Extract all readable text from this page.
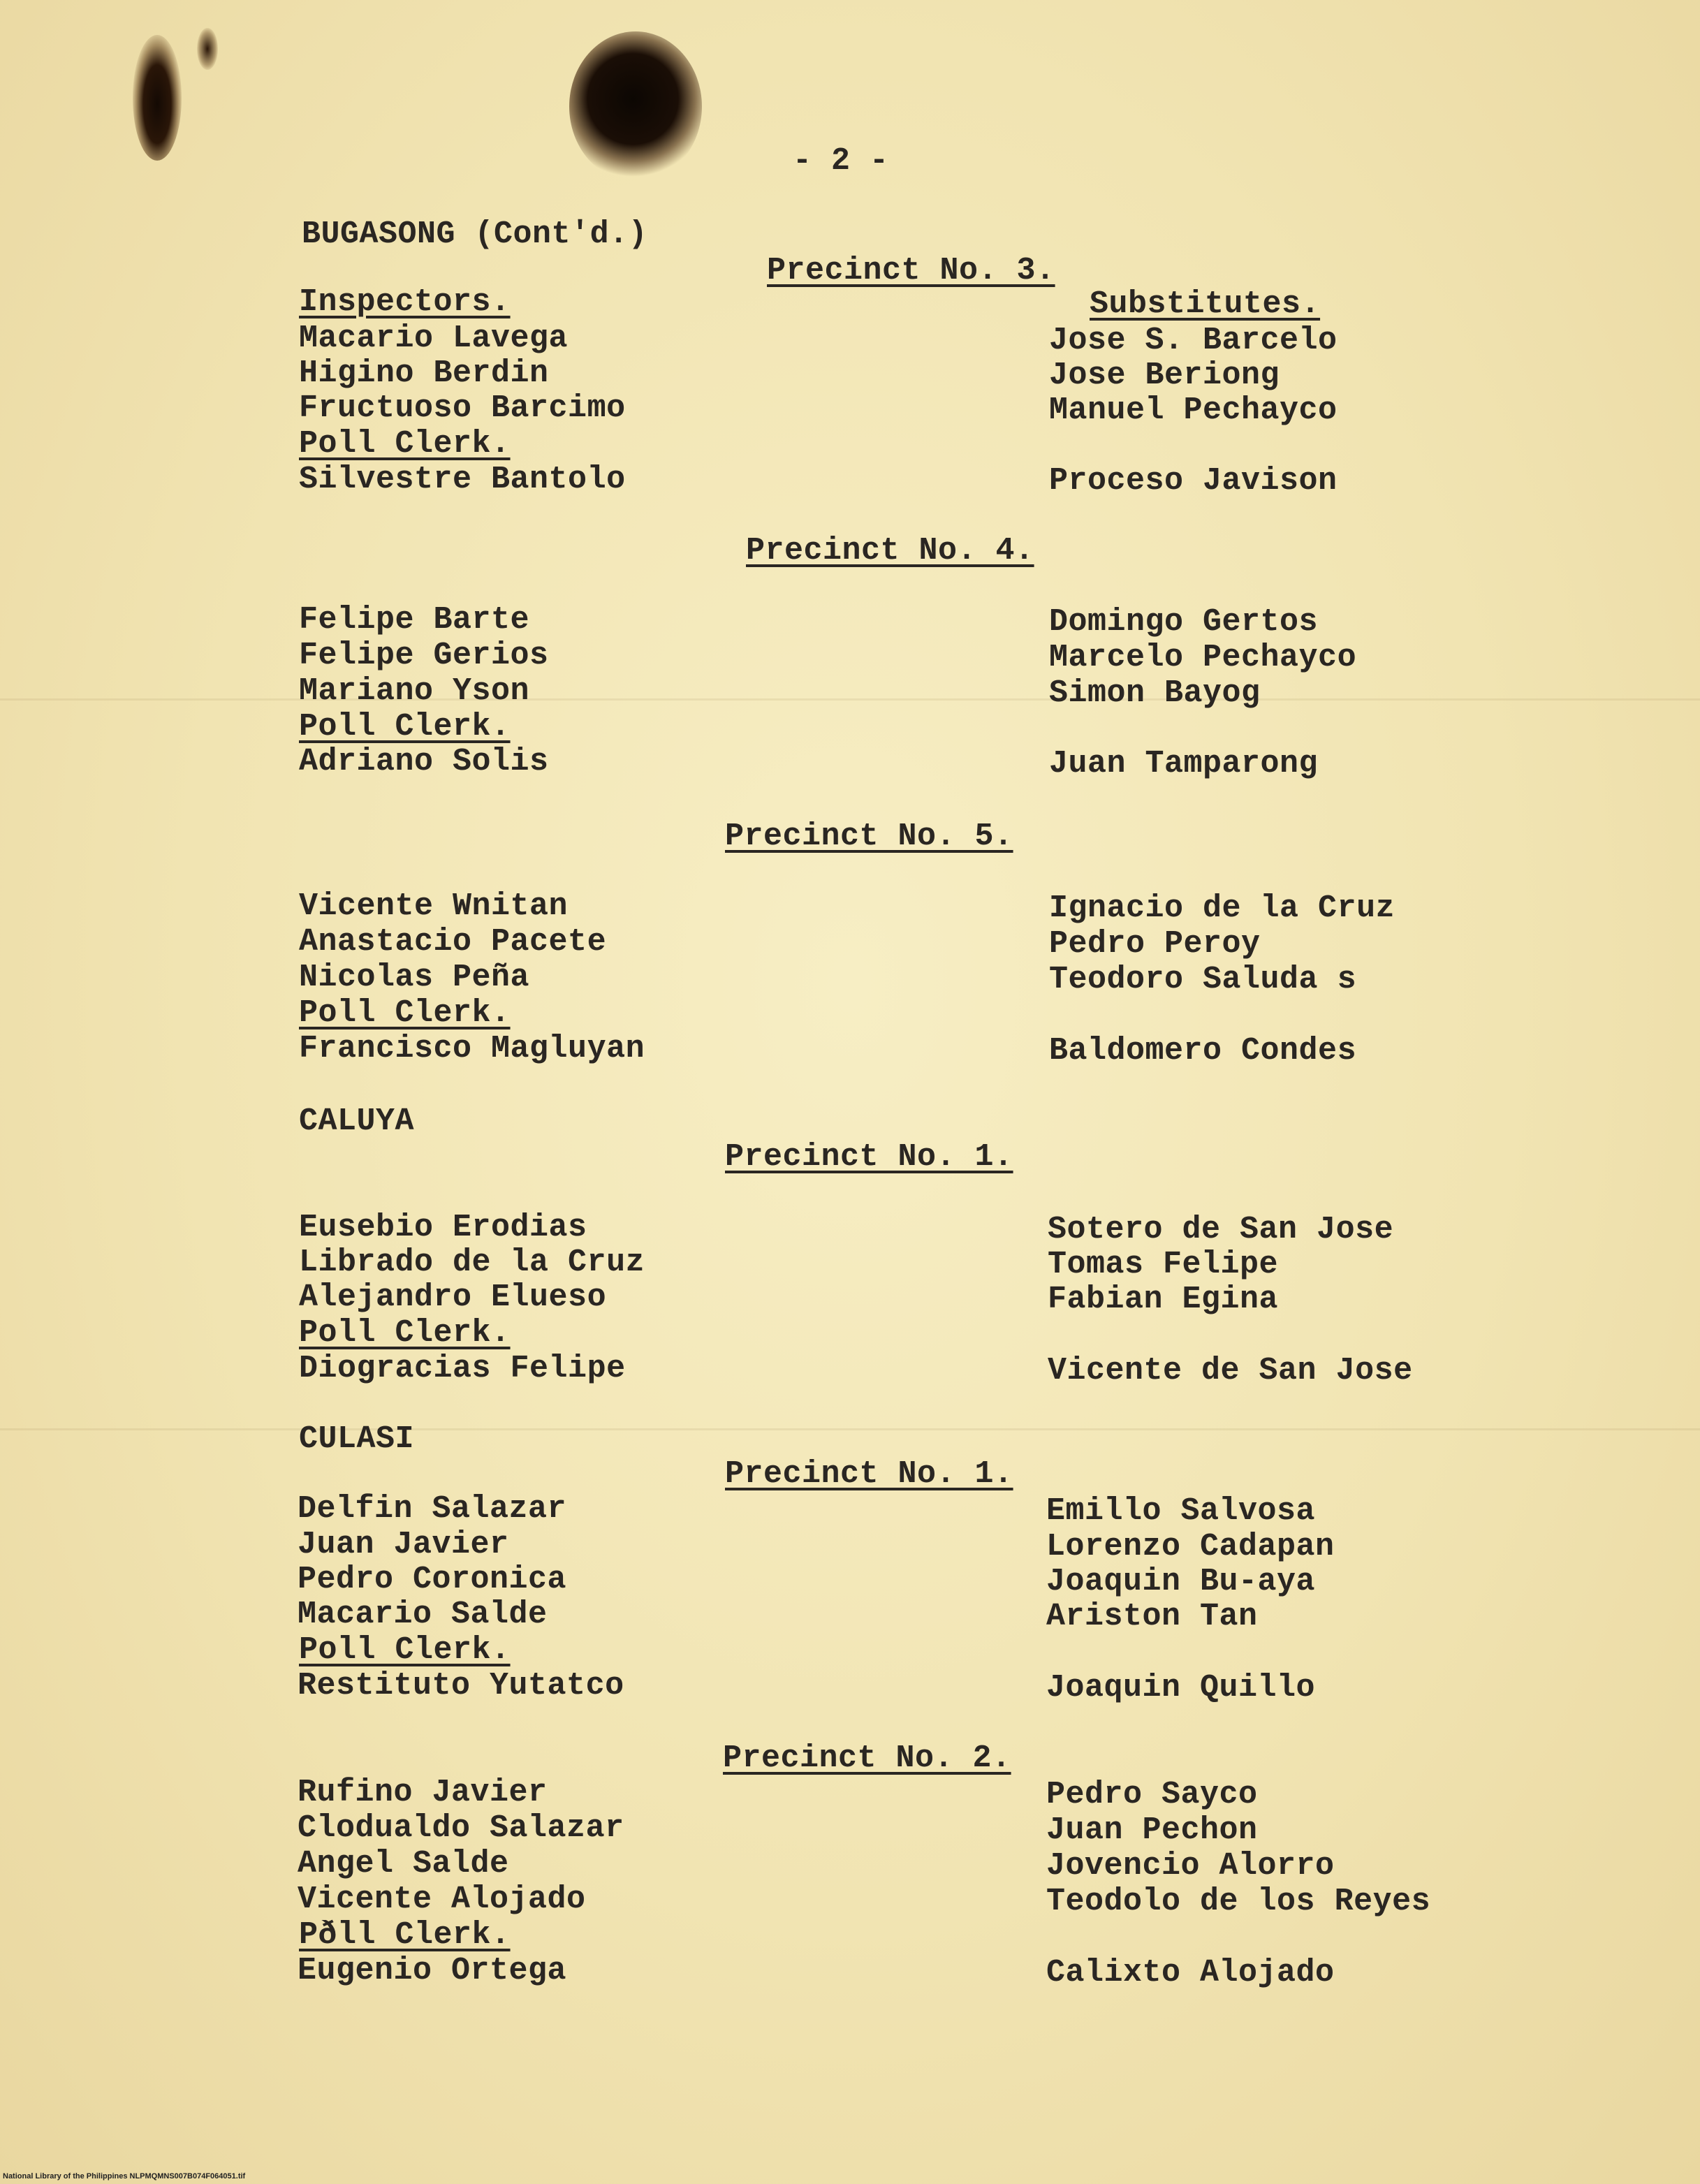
- 2 -
BUGASONG (Cont'd.)
Precinct No. 3.
Inspectors.	Substitutes.
Macario Lavega	Jose S. Barcelo
Higino Berdin	Jose Beriong
Fructuoso Barcimo	Manuel Pechayco
Poll Clerk.
Silvestre Bantolo	Proceso Javison
Precinct No. 4.
Felipe Barte	Domingo Gertos
Felipe Gerios	Marcelo Pechayco
Mariano Yson	Simon Bayog
Poll Clerk.
Adriano Solis	Juan Tamparong
Precinct No. 5.
Vicente Wnitan	Ignacio de la Cruz
Anastacio Pacete	Pedro Peroy
Nicolas Peña	Teodoro Saluda s
Poll Clerk.
Francisco Magluyan	Baldomero Condes
CALUYA
Precinct No. 1.
Eusebio Erodias	Sotero de San Jose
Librado de la Cruz	Tomas Felipe
Alejandro Elueso	Fabian Egina
Poll Clerk.
Diogracias Felipe	Vicente de San Jose
CULASI
Precinct No. 1.
Delfin Salazar	Emillo Salvosa
Juan Javier	Lorenzo Cadapan
Pedro Coronica	Joaquin Bu-aya
Macario Salde	Ariston Tan
Poll Clerk.
Restituto Yutatco	Joaquin Quillo
Precinct No. 2.
Rufino Javier	Pedro Sayco
Clodualdo Salazar	Juan Pechon
Angel Salde	Jovencio Alorro
Vicente Alojado	Teodolo de los Reyes
Pðll Clerk.
Eugenio Ortega	Calixto Alojado
National Library of the Philippines NLPMQMNS007B074F064051.tif
